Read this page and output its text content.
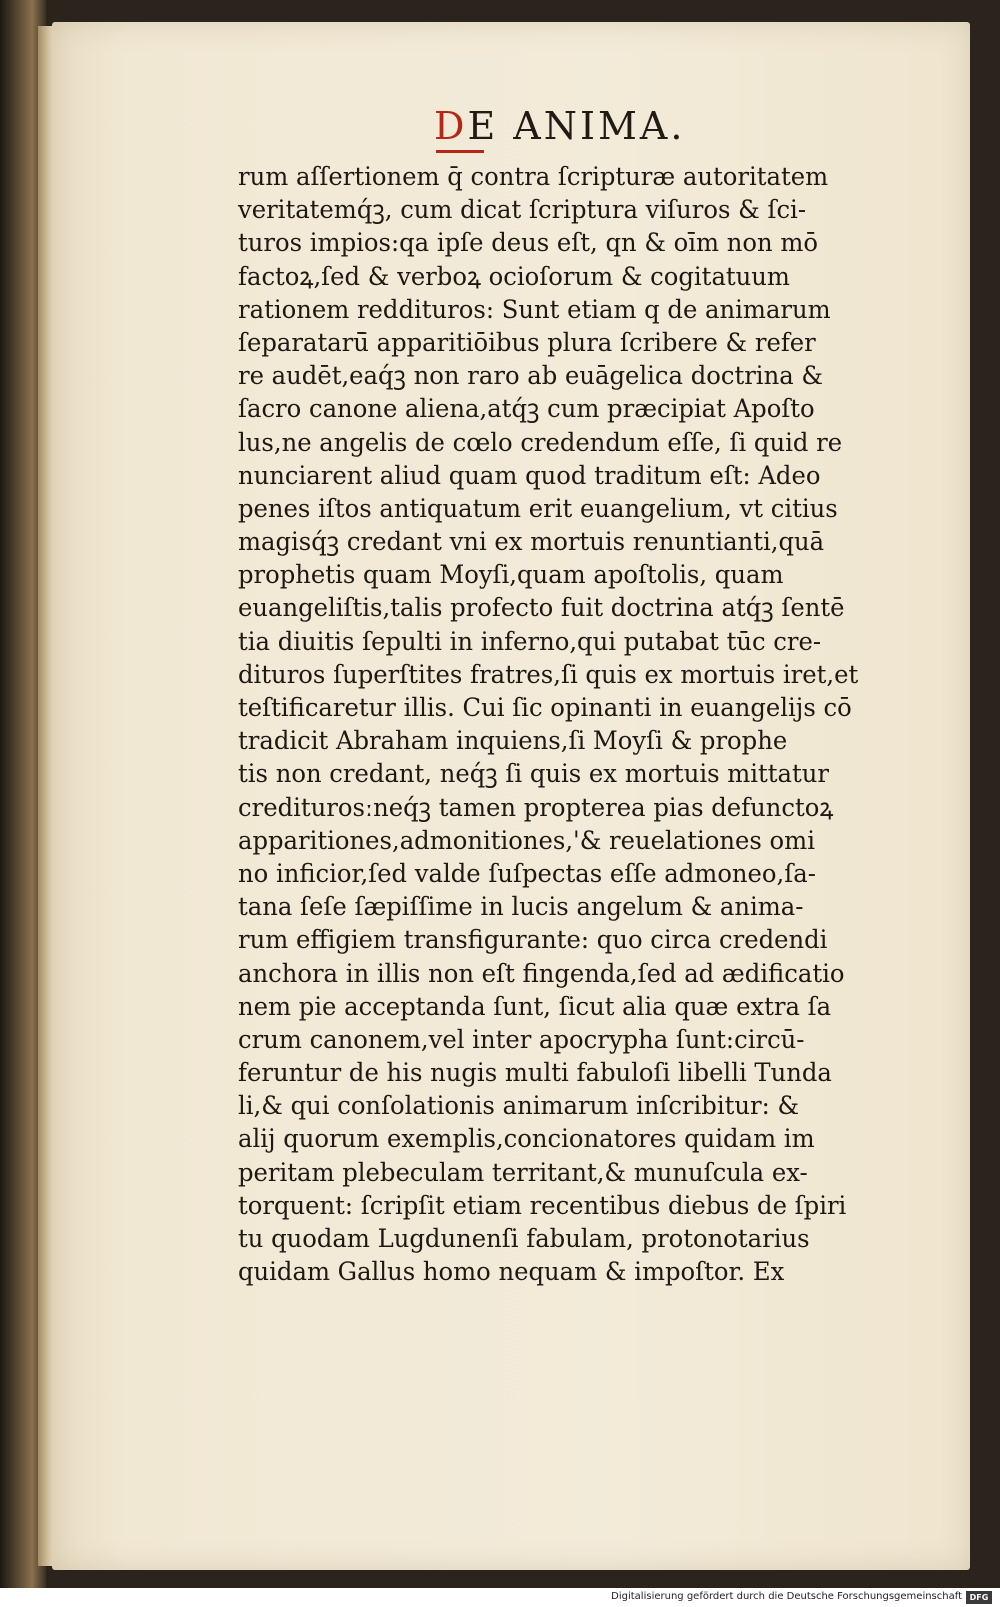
DE ANIMA.
rum aſſertionem q̄ contra ſcripturæ autoritatem
veritatemq́ꝫ, cum dicat ſcriptura viſuros & ſci-
turos impios:qa ipſe deus eſt, qn & oīm non mō
factoꝝ,ſed & verboꝝ ocioſorum & cogitatuum
rationem reddituros: Sunt etiam q de animarum
ſeparatarū̄ apparitiōibus plura ſcribere & refer
re audēt,eaq́ꝫ non raro ab euāgelica doctrina &
ſacro canone aliena,atq́ꝫ cum præcipiat Apoſto
lus,ne angelis de cœlo credendum eſſe, ſi quid re
nunciarent aliud quam quod traditum eſt: Adeo
penes iſtos antiquatum erit euangelium, vt citius
magisq́ꝫ credant vni ex mortuis renuntianti,quā
prophetis quam Moyſi,quam apoſtolis, quam
euangeliſtis,talis profecto fuit doctrina atq́ꝫ ſentē
tia diuitis ſepulti in inferno,qui putabat tūc cre-
dituros ſuperſtites fratres,ſi quis ex mortuis iret,et
teſtificaretur illis. Cui ſic opinanti in euangelijs cō
tradicit Abraham inquiens,ſi Moyſi & prophe
tis non credant, neq́ꝫ ſi quis ex mortuis mittatur
crediturosːneq́ꝫ tamen propterea pias defunctoꝝ
apparitiones,admonitiones,'& reuelationes omi
no inficior,ſed valde ſuſpectas eſſe admoneo,ſa-
tana ſeſe ſæpiſſime in lucis angelum & anima-
rum effigiem transfigurante: quo circa credendi
anchora in illis non eſt fingenda,ſed ad ædificatio
nem pie acceptanda ſunt, ſicut alia quæ extra ſa
crum canonem,vel inter apocrypha ſunt:circū-
feruntur de his nugis multi fabuloſi libelli Tunda
li,& qui conſolationis animarum inſcribitur: &
alij quorum exemplis,concionatores quidam im
peritam plebeculam territant,& munuſcula ex-
torquent: ſcripſit etiam recentibus diebus de ſpiri
tu quodam Lugdunenſi fabulam, protonotarius
quidam Gallus homo nequam & impoſtor. Ex
Digitalisierung gefördert durch die Deutsche Forschungsgemeinschaft DFG
